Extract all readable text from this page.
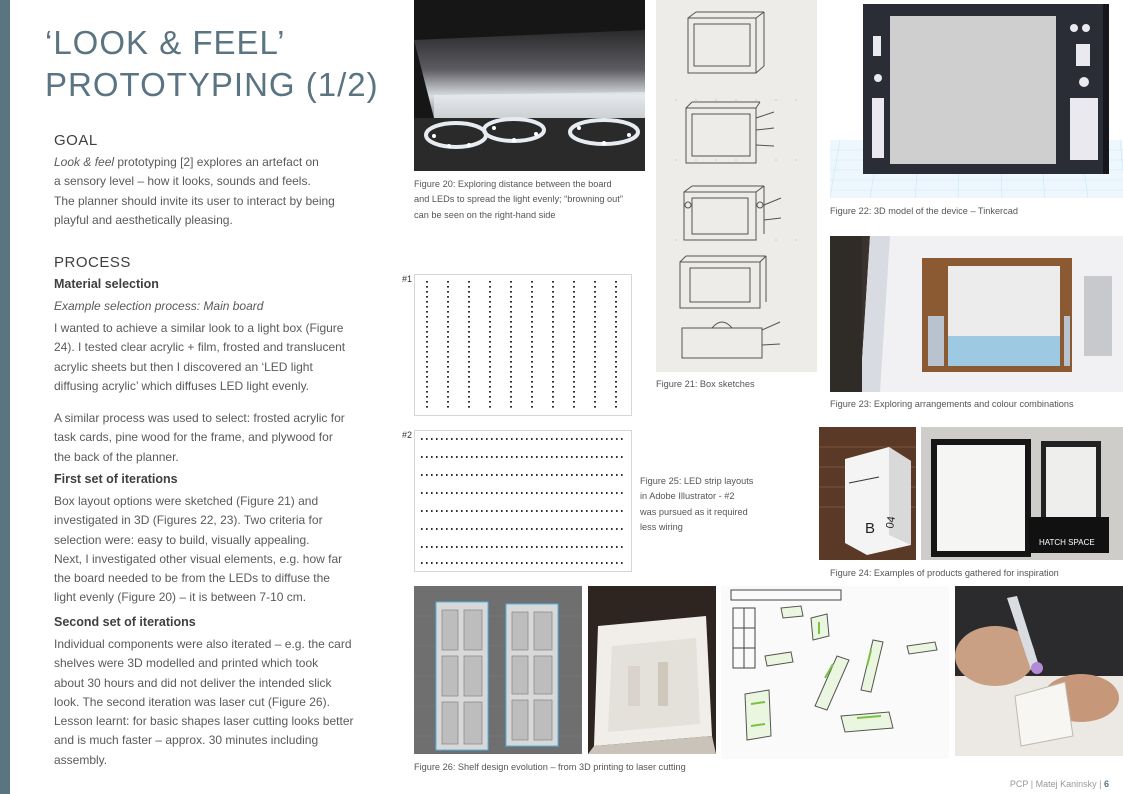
‘LOOK & FEEL’
PROTOTYPING (1/2)
GOAL
Look & feel prototyping [2] explores an artefact on
a sensory level – how it looks, sounds and feels.
The planner should invite its user to interact by being
playful and aesthetically pleasing.
PROCESS
Material selection
Example selection process: Main board
I wanted to achieve a similar look to a light box (Figure
24). I tested clear acrylic + film, frosted and translucent
acrylic sheets but then I discovered an ‘LED light
diffusing acrylic’ which diffuses LED light evenly.
A similar process was used to select: frosted acrylic for
task cards, pine wood for the frame, and plywood for
the back of the planner.
First set of iterations
Box layout options were sketched (Figure 21) and
investigated in 3D (Figures 22, 23). Two criteria for
selection were: easy to build, visually appealing.
Next, I investigated other visual elements, e.g. how far
the board needed to be from the LEDs to diffuse the
light evenly (Figure 20) – it is between 7-10 cm.
Second set of iterations
Individual components were also iterated – e.g. the card
shelves were 3D modelled and printed which took
about 30 hours and did not deliver the intended slick
look. The second iteration was laser cut (Figure 26).
Lesson learnt: for basic shapes laser cutting looks better
and is much faster – approx. 30 minutes including
assembly.
Figure 20: Exploring distance between the board
and LEDs to spread the light evenly; “browning out”
can be seen on the right-hand side
Figure 21: Box sketches
Figure 22: 3D model of the device – Tinkercad
Figure 23: Exploring arrangements and colour combinations
#1
#2
Figure 25: LED strip layouts
in Adobe Illustrator - #2
was pursued as it required
less wiring	B 04
HATCH SPACE
Figure 24: Examples of products gathered for inspiration
Figure 26: Shelf design evolution – from 3D printing to laser cutting
PCP | Matej Kaninsky | 6
